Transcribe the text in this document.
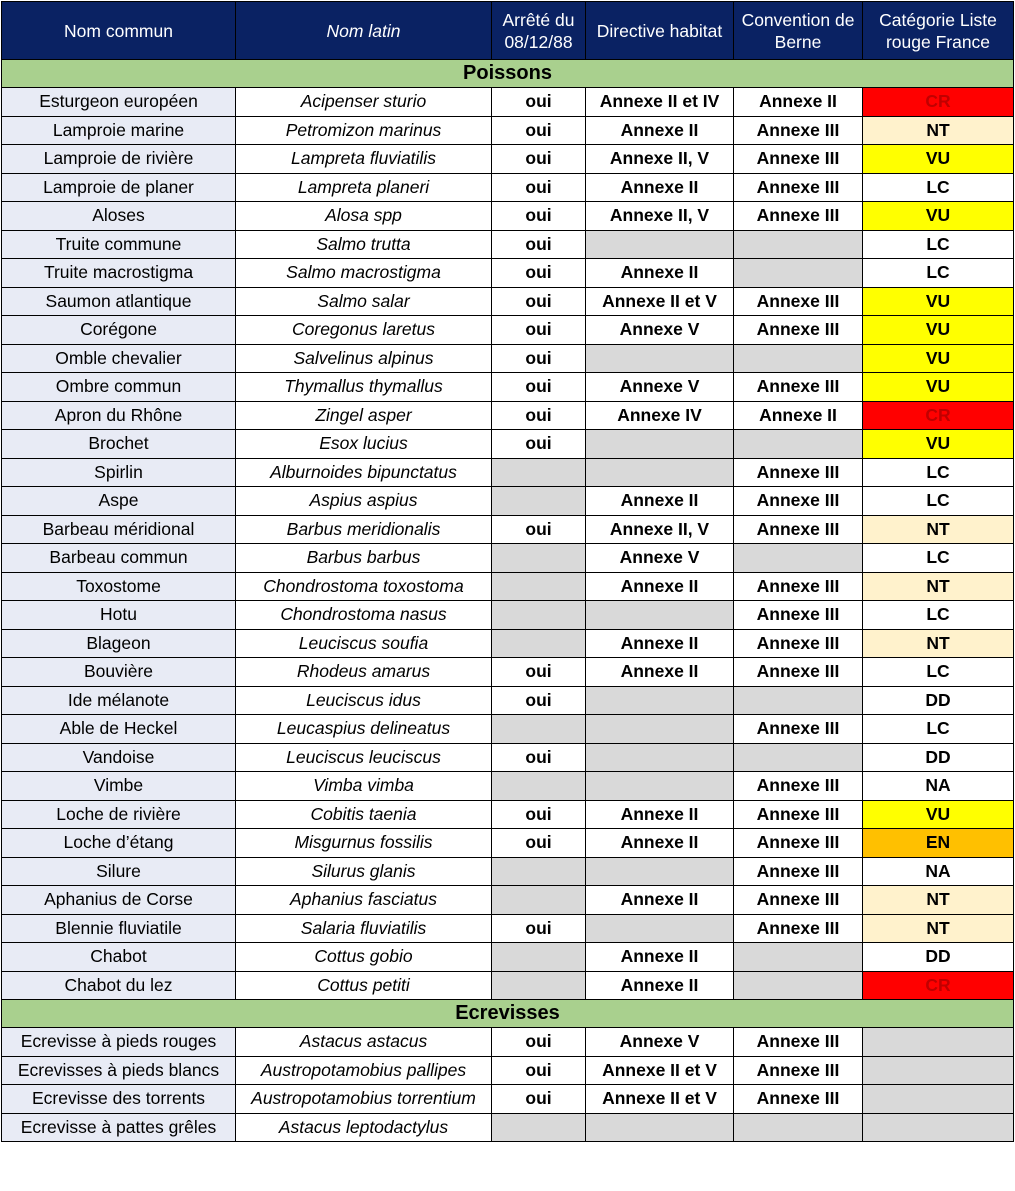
Nom commun	Nom latin	Arrêté du 08/12/88	Directive habitat	Convention de Berne	Catégorie Liste rouge France
Poissons					
Esturgeon européen	Acipenser sturio	oui	Annexe II et IV	Annexe II	CR
Lamproie marine	Petromizon marinus	oui	Annexe II	Annexe III	NT
Lamproie de rivière	Lampreta fluviatilis	oui	Annexe II, V	Annexe III	VU
Lamproie de planer	Lampreta planeri	oui	Annexe II	Annexe III	LC
Aloses	Alosa spp	oui	Annexe II, V	Annexe III	VU
Truite commune	Salmo trutta	oui			LC
Truite macrostigma	Salmo macrostigma	oui	Annexe II		LC
Saumon atlantique	Salmo salar	oui	Annexe II et V	Annexe III	VU
Corégone	Coregonus laretus	oui	Annexe V	Annexe III	VU
Omble chevalier	Salvelinus alpinus	oui			VU
Ombre commun	Thymallus thymallus	oui	Annexe V	Annexe III	VU
Apron du Rhône	Zingel asper	oui	Annexe IV	Annexe II	CR
Brochet	Esox lucius	oui			VU
Spirlin	Alburnoides bipunctatus			Annexe III	LC
Aspe	Aspius aspius		Annexe II	Annexe III	LC
Barbeau méridional	Barbus meridionalis	oui	Annexe II, V	Annexe III	NT
Barbeau commun	Barbus barbus		Annexe V		LC
Toxostome	Chondrostoma toxostoma		Annexe II	Annexe III	NT
Hotu	Chondrostoma nasus			Annexe III	LC
Blageon	Leuciscus soufia		Annexe II	Annexe III	NT
Bouvière	Rhodeus amarus	oui	Annexe II	Annexe III	LC
Ide mélanote	Leuciscus idus	oui			DD
Able de Heckel	Leucaspius delineatus			Annexe III	LC
Vandoise	Leuciscus leuciscus	oui			DD
Vimbe	Vimba vimba			Annexe III	NA
Loche de rivière	Cobitis taenia	oui	Annexe II	Annexe III	VU
Loche d’étang	Misgurnus fossilis	oui	Annexe II	Annexe III	EN
Silure	Silurus glanis			Annexe III	NA
Aphanius de Corse	Aphanius fasciatus		Annexe II	Annexe III	NT
Blennie fluviatile	Salaria fluviatilis	oui		Annexe III	NT
Chabot	Cottus gobio		Annexe II		DD
Chabot du lez	Cottus petiti		Annexe II		CR
Ecrevisses					
Ecrevisse à pieds rouges	Astacus astacus	oui	Annexe V	Annexe III	
Ecrevisses à pieds blancs	Austropotamobius pallipes	oui	Annexe II et V	Annexe III	
Ecrevisse des torrents	Austropotamobius torrentium	oui	Annexe II et V	Annexe III	
Ecrevisse à pattes grêles	Astacus leptodactylus				
